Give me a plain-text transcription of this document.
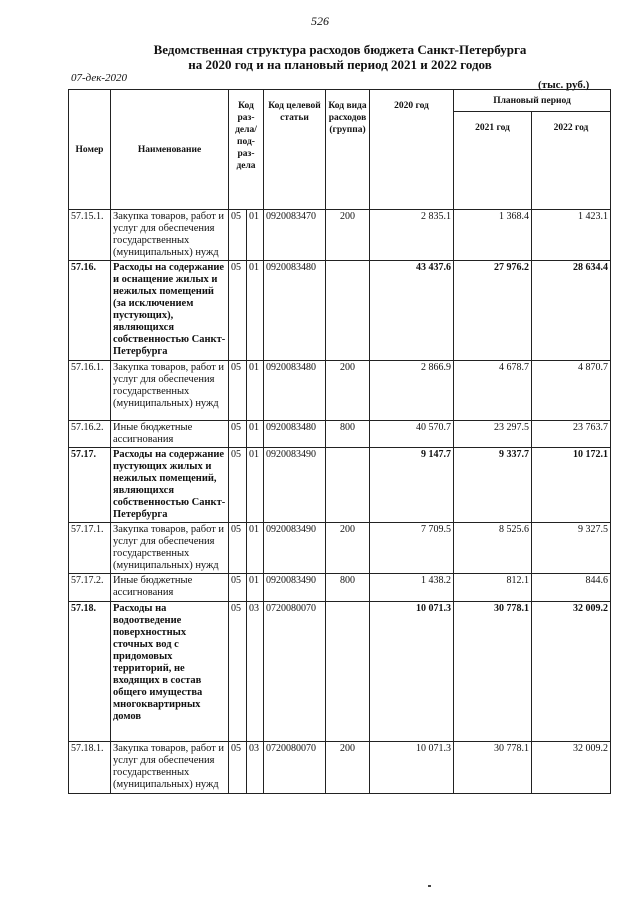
526
Ведомственная структура расходов бюджета Санкт-Петербурга
на 2020 год и на плановый период 2021 и 2022 годов
07-дек-2020
(тыс. руб.)
Номер	Наименование	Код раз-дела/ под-раз-дела		Код целевой статьи	Код вида расходов (группа)	2020 год	Плановый период	
							2021 год	2022 год
57.15.1.	Закупка товаров, работ и услуг для обеспечения государственных (муниципальных) нужд	05	01	0920083470	200	2 835.1	1 368.4	1 423.1
57.16.	Расходы на содержание и оснащение жилых и нежилых помещений (за исключением пустующих), являющихся собственностью Санкт-Петербурга	05	01	0920083480		43 437.6	27 976.2	28 634.4
57.16.1.	Закупка товаров, работ и услуг для обеспечения государственных (муниципальных) нужд	05	01	0920083480	200	2 866.9	4 678.7	4 870.7
57.16.2.	Иные бюджетные ассигнования	05	01	0920083480	800	40 570.7	23 297.5	23 763.7
57.17.	Расходы на содержание пустующих жилых и нежилых помещений, являющихся собственностью Санкт-Петербурга	05	01	0920083490		9 147.7	9 337.7	10 172.1
57.17.1.	Закупка товаров, работ и услуг для обеспечения государственных (муниципальных) нужд	05	01	0920083490	200	7 709.5	8 525.6	9 327.5
57.17.2.	Иные бюджетные ассигнования	05	01	0920083490	800	1 438.2	812.1	844.6
57.18.	Расходы на водоотведение поверхностных сточных вод с придомовых территорий, не входящих в состав общего имущества многоквартирных домов	05	03	0720080070		10 071.3	30 778.1	32 009.2
57.18.1.	Закупка товаров, работ и услуг для обеспечения государственных (муниципальных) нужд	05	03	0720080070	200	10 071.3	30 778.1	32 009.2
